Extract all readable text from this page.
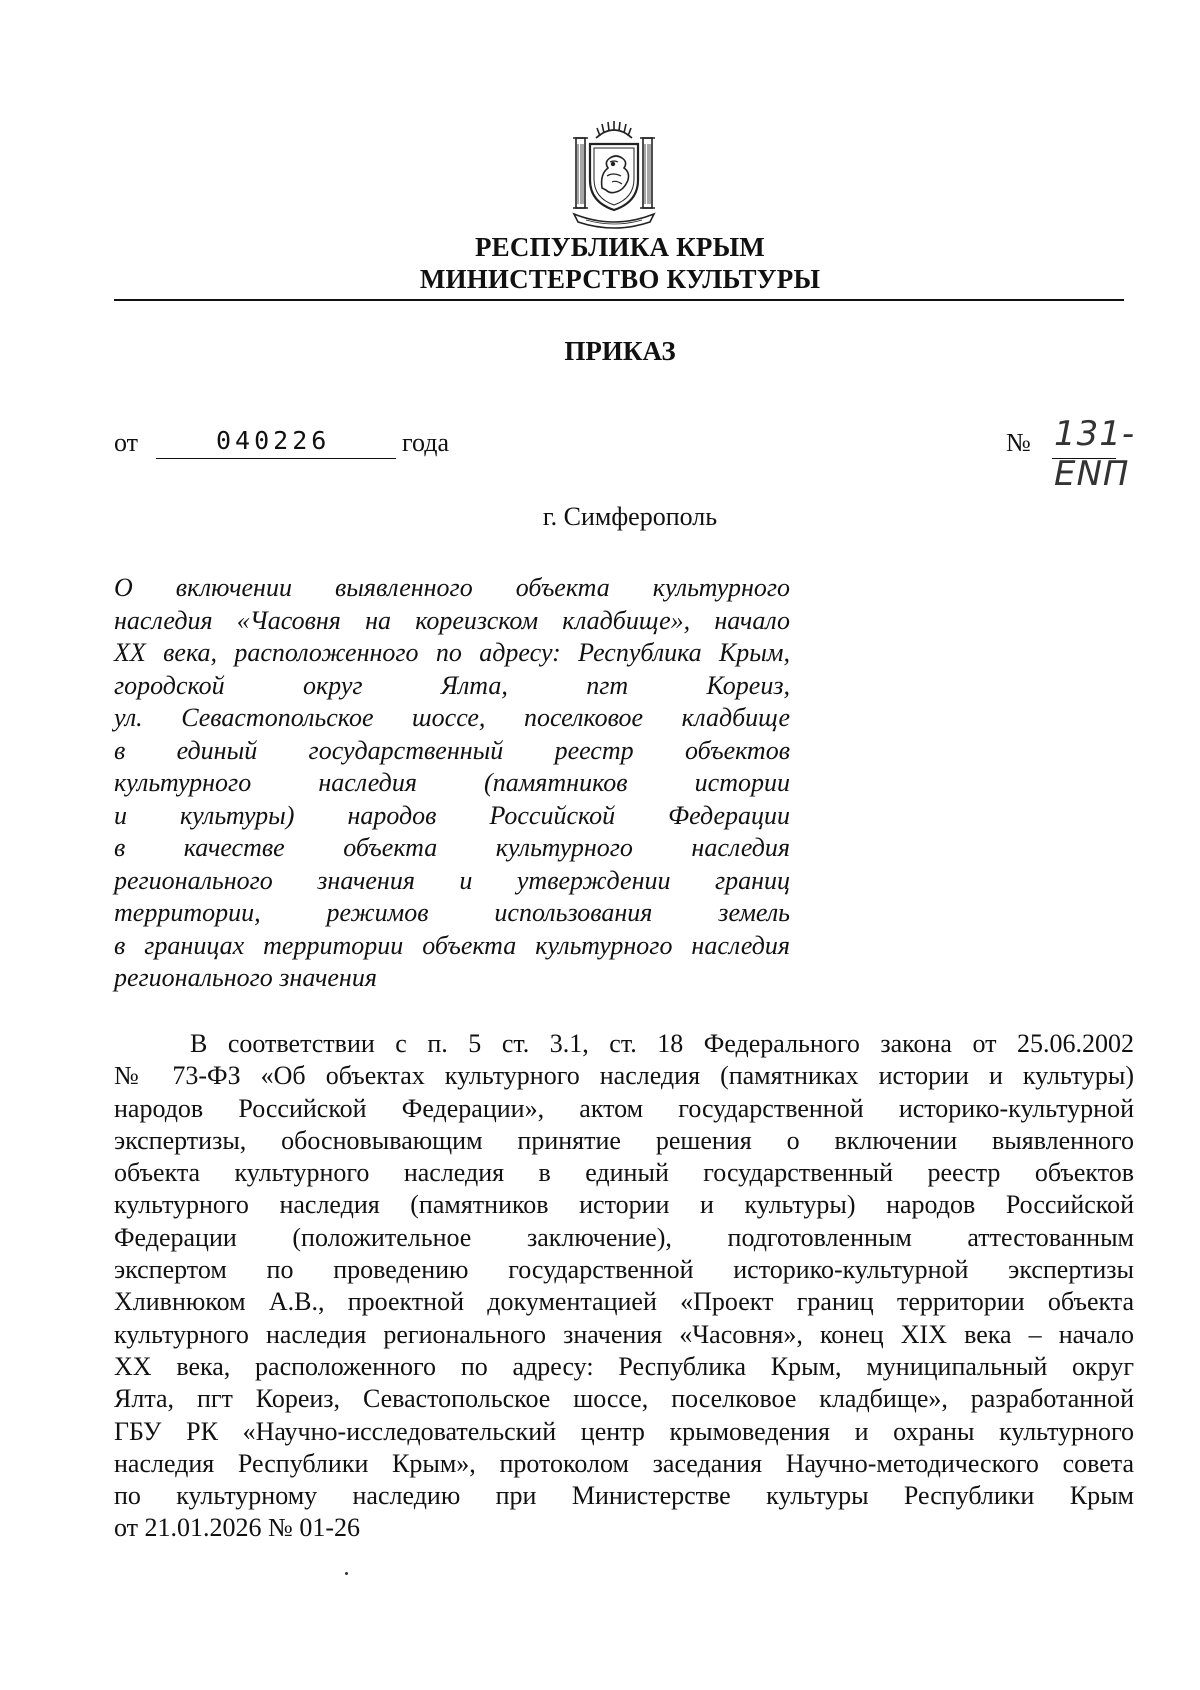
РЕСПУБЛИКА КРЫМ
МИНИСТЕРСТВО КУЛЬТУРЫ
ПРИКАЗ
от	040226	года	№ 131-ENП
г. Симферополь
О включении выявленного объекта культурного
наследия «Часовня на кореизском кладбище», начало
XX века, расположенного по адресу: Республика Крым,
городской округ Ялта, пгт Кореиз,
ул. Севастопольское шоссе, поселковое кладбище
в единый государственный реестр объектов
культурного наследия (памятников истории
и культуры) народов Российской Федерации
в качестве объекта культурного наследия
регионального значения и утверждении границ
территории, режимов использования земель
в границах территории объекта культурного наследия
регионального значения
В соответствии с п. 5 ст. 3.1, ст. 18 Федерального закона от 25.06.2002
№ 73-ФЗ «Об объектах культурного наследия (памятниках истории и культуры)
народов Российской Федерации», актом государственной историко-культурной
экспертизы, обосновывающим принятие решения о включении выявленного
объекта культурного наследия в единый государственный реестр объектов
культурного наследия (памятников истории и культуры) народов Российской
Федерации (положительное заключение), подготовленным аттестованным
экспертом по проведению государственной историко-культурной экспертизы
Хливнюком А.В., проектной документацией «Проект границ территории объекта
культурного наследия регионального значения «Часовня», конец XIX века – начало
XX века, расположенного по адресу: Республика Крым, муниципальный округ
Ялта, пгт Кореиз, Севастопольское шоссе, поселковое кладбище», разработанной
ГБУ РК «Научно-исследовательский центр крымоведения и охраны культурного
наследия Республики Крым», протоколом заседания Научно-методического совета
по культурному наследию при Министерстве культуры Республики Крым
от 21.01.2026 № 01-26
